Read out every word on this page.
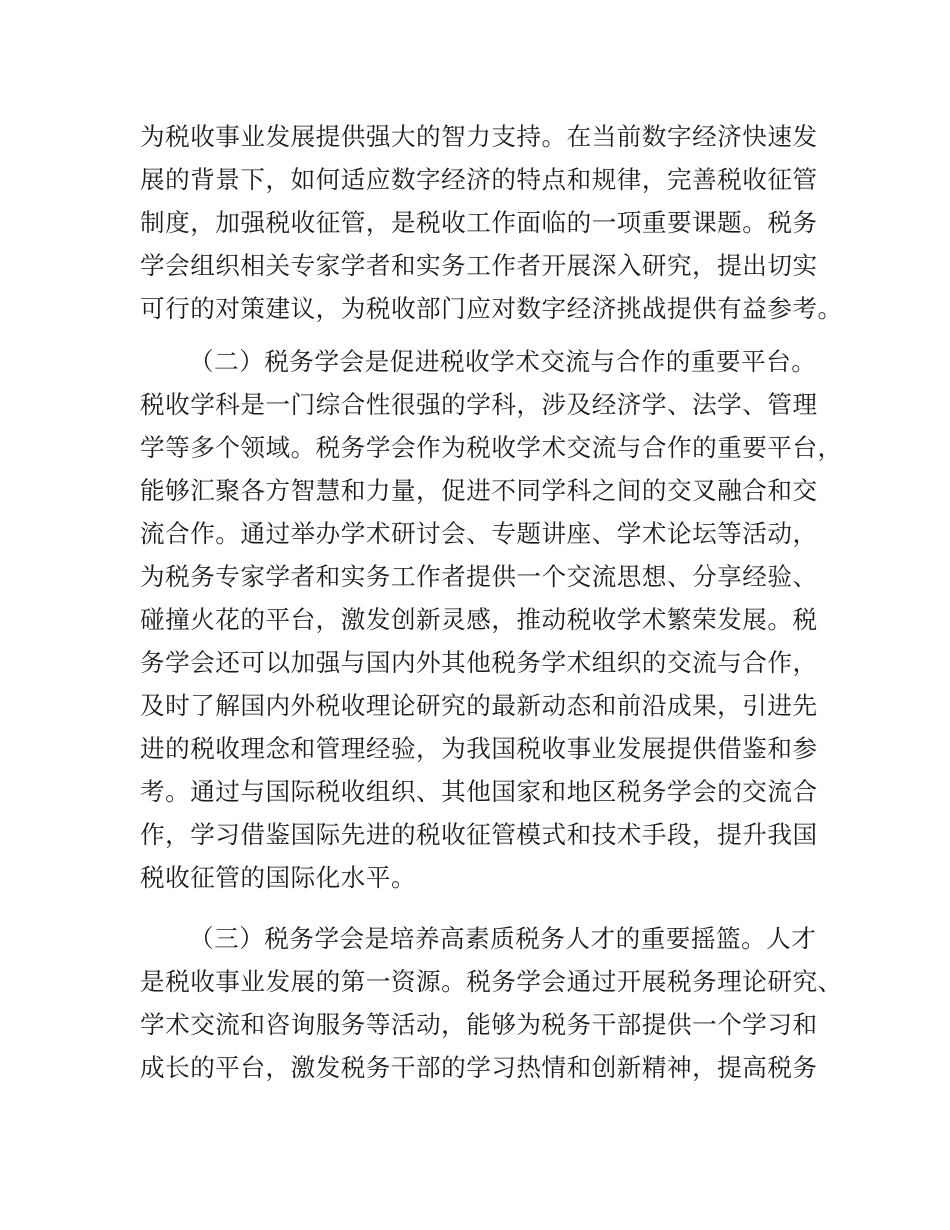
为税收事业发展提供强大的智力支持。在当前数字经济快速发
展的背景下，如何适应数字经济的特点和规律，完善税收征管
制度，加强税收征管，是税收工作面临的一项重要课题。税务
学会组织相关专家学者和实务工作者开展深入研究，提出切实
可行的对策建议，为税收部门应对数字经济挑战提供有益参考。
（二）税务学会是促进税收学术交流与合作的重要平台。
税收学科是一门综合性很强的学科，涉及经济学、法学、管理
学等多个领域。税务学会作为税收学术交流与合作的重要平台，
能够汇聚各方智慧和力量，促进不同学科之间的交叉融合和交
流合作。通过举办学术研讨会、专题讲座、学术论坛等活动，
为税务专家学者和实务工作者提供一个交流思想、分享经验、
碰撞火花的平台，激发创新灵感，推动税收学术繁荣发展。税
务学会还可以加强与国内外其他税务学术组织的交流与合作，
及时了解国内外税收理论研究的最新动态和前沿成果，引进先
进的税收理念和管理经验，为我国税收事业发展提供借鉴和参
考。通过与国际税收组织、其他国家和地区税务学会的交流合
作，学习借鉴国际先进的税收征管模式和技术手段，提升我国
税收征管的国际化水平。
（三）税务学会是培养高素质税务人才的重要摇篮。人才
是税收事业发展的第一资源。税务学会通过开展税务理论研究、
学术交流和咨询服务等活动，能够为税务干部提供一个学习和
成长的平台，激发税务干部的学习热情和创新精神，提高税务
